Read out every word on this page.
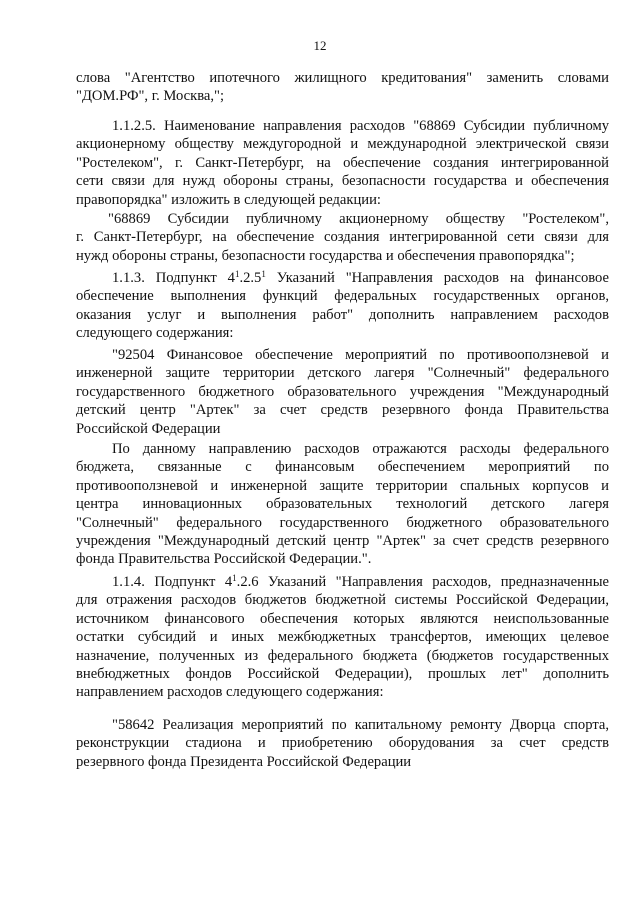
12
слова "Агентство ипотечного жилищного кредитования" заменить словами
"ДОМ.РФ", г. Москва,";
1.1.2.5. Наименование направления расходов "68869 Субсидии публичному
акционерному обществу междугородной и международной электрической связи
"Ростелеком", г. Санкт-Петербург, на обеспечение создания интегрированной
сети связи для нужд обороны страны, безопасности государства и обеспечения
правопорядка" изложить в следующей редакции:
"68869 Субсидии публичному акционерному обществу "Ростелеком",
г. Санкт-Петербург, на обеспечение создания интегрированной сети связи для
нужд обороны страны, безопасности государства и обеспечения правопорядка";
1.1.3. Подпункт $4^1.2.5^1$ Указаний "Направления расходов на финансовое
обеспечение выполнения функций федеральных государственных органов,
оказания услуг и выполнения работ" дополнить направлением расходов
следующего содержания:
"92504 Финансовое обеспечение мероприятий по противооползневой и
инженерной защите территории детского лагеря "Солнечный" федерального
государственного бюджетного образовательного учреждения "Международный
детский центр "Артек" за счет средств резервного фонда Правительства
Российской Федерации
По данному направлению расходов отражаются расходы федерального
бюджета, связанные с финансовым обеспечением мероприятий по
противооползневой и инженерной защите территории спальных корпусов и
центра инновационных образовательных технологий детского лагеря
"Солнечный" федерального государственного бюджетного образовательного
учреждения "Международный детский центр "Артек" за счет средств резервного
фонда Правительства Российской Федерации.".
1.1.4. Подпункт $4^1.2.6$ Указаний "Направления расходов, предназначенные
для отражения расходов бюджетов бюджетной системы Российской Федерации,
источником финансового обеспечения которых являются неиспользованные
остатки субсидий и иных межбюджетных трансфертов, имеющих целевое
назначение, полученных из федерального бюджета (бюджетов государственных
внебюджетных фондов Российской Федерации), прошлых лет" дополнить
направлением расходов следующего содержания:
"58642 Реализация мероприятий по капитальному ремонту Дворца спорта,
реконструкции стадиона и приобретению оборудования за счет средств
резервного фонда Президента Российской Федерации
